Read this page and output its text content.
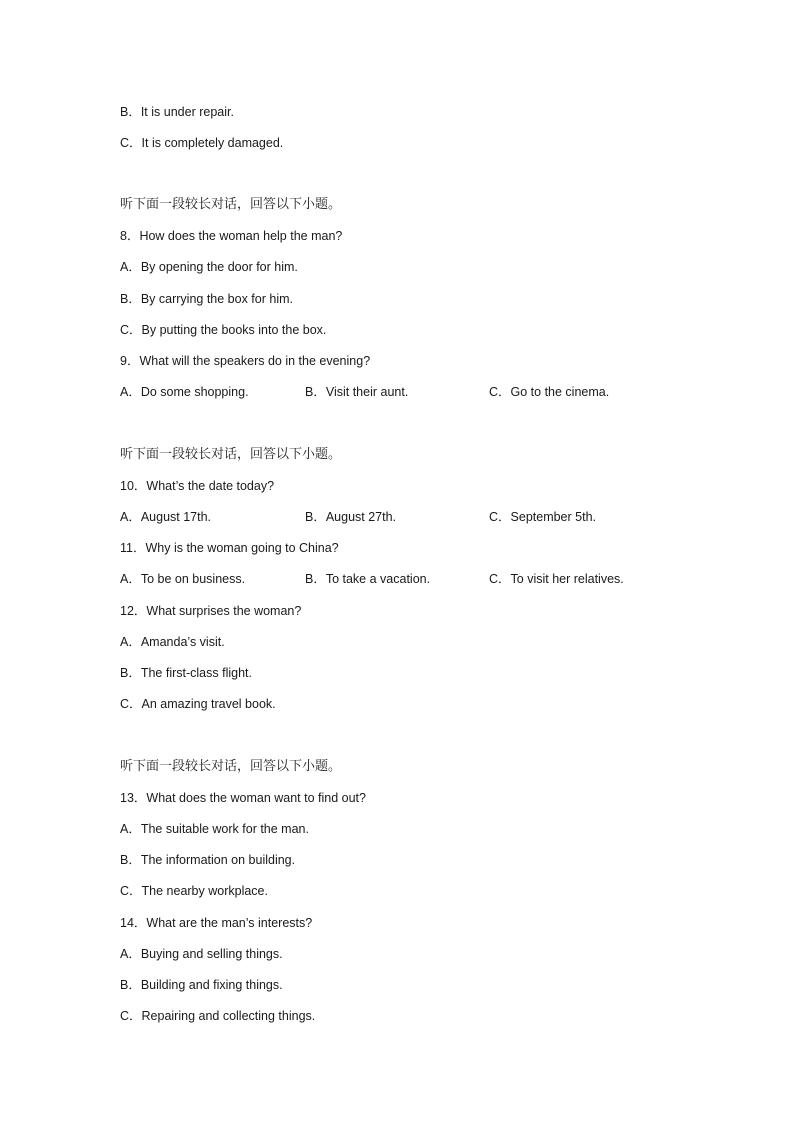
B．It is under repair.
C．It is completely damaged.
听下面一段较长对话，回答以下小题。
8．How does the woman help the man?
A．By opening the door for him.
B．By carrying the box for him.
C．By putting the books into the box.
9．What will the speakers do in the evening?
A．Do some shopping.	B．Visit their aunt.	C．Go to the cinema.
听下面一段较长对话，回答以下小题。
10．What’s the date today?
A．August 17th.	B．August 27th.	C．September 5th.
11．Why is the woman going to China?
A．To be on business.	B．To take a vacation.	C．To visit her relatives.
12．What surprises the woman?
A．Amanda’s visit.
B．The first-class flight.
C．An amazing travel book.
听下面一段较长对话，回答以下小题。
13．What does the woman want to find out?
A．The suitable work for the man.
B．The information on building.
C．The nearby workplace.
14．What are the man’s interests?
A．Buying and selling things.
B．Building and fixing things.
C．Repairing and collecting things.
